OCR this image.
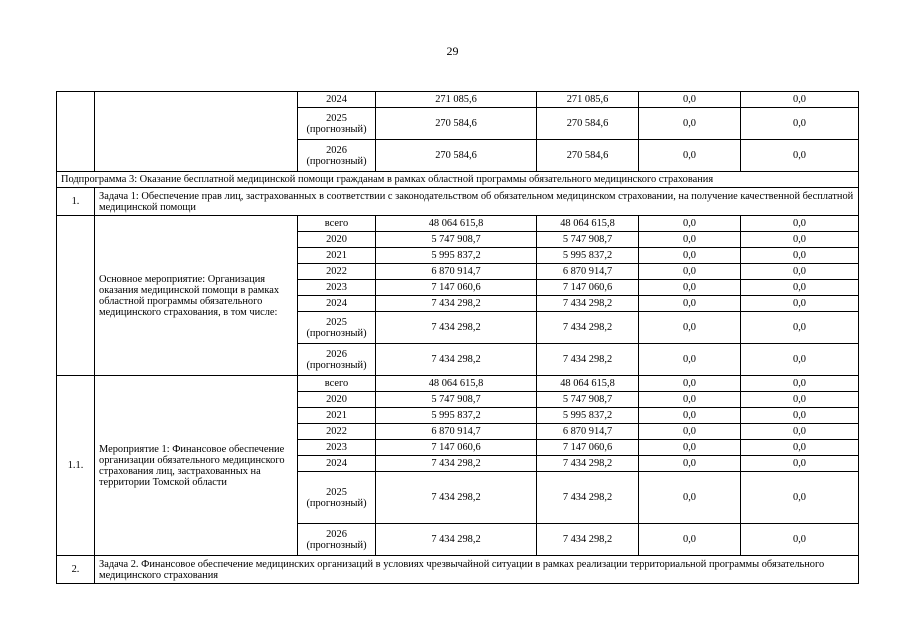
29
		2024	271 085,6	271 085,6	0,0	0,0
		2025 (прогнозный)	270 584,6	270 584,6	0,0	0,0
		2026 (прогнозный)	270 584,6	270 584,6	0,0	0,0
Подпрограмма 3: Оказание бесплатной медицинской помощи гражданам в рамках областной программы обязательного медицинского страхования						
1.	Задача 1: Обеспечение прав лиц, застрахованных в соответствии с законодательством об обязательном медицинском страховании, на получение качественной бесплатной медицинской помощи					
	Основное мероприятие: Организация оказания медицинской помощи в рамках областной программы обязательного медицинского страхования, в том числе:	всего	48 064 615,8	48 064 615,8	0,0	0,0
		2020	5 747 908,7	5 747 908,7	0,0	0,0
		2021	5 995 837,2	5 995 837,2	0,0	0,0
		2022	6 870 914,7	6 870 914,7	0,0	0,0
		2023	7 147 060,6	7 147 060,6	0,0	0,0
		2024	7 434 298,2	7 434 298,2	0,0	0,0
		2025 (прогнозный)	7 434 298,2	7 434 298,2	0,0	0,0
		2026 (прогнозный)	7 434 298,2	7 434 298,2	0,0	0,0
1.1.	Мероприятие 1: Финансовое обеспечение организации обязательного медицинского страхования лиц, застрахованных на территории Томской области	всего	48 064 615,8	48 064 615,8	0,0	0,0
		2020	5 747 908,7	5 747 908,7	0,0	0,0
		2021	5 995 837,2	5 995 837,2	0,0	0,0
		2022	6 870 914,7	6 870 914,7	0,0	0,0
		2023	7 147 060,6	7 147 060,6	0,0	0,0
		2024	7 434 298,2	7 434 298,2	0,0	0,0
		2025 (прогнозный)	7 434 298,2	7 434 298,2	0,0	0,0
		2026 (прогнозный)	7 434 298,2	7 434 298,2	0,0	0,0
2.	Задача 2. Финансовое обеспечение медицинских организаций в условиях чрезвычайной ситуации в рамках реализации территориальной программы обязательного медицинского страхования					
